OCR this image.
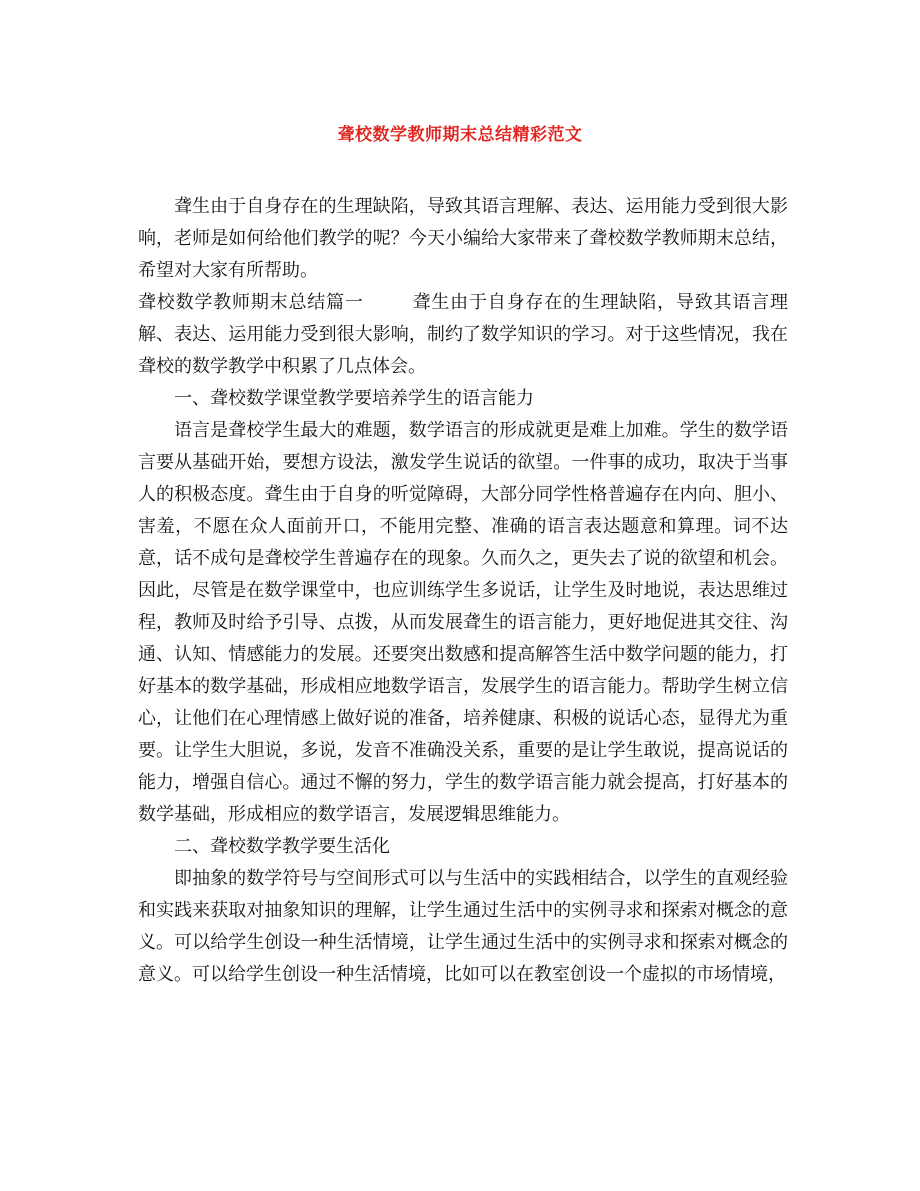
聋校数学教师期末总结精彩范文

聋生由于自身存在的生理缺陷，导致其语言理解、表达、运用能力受到很大影响，老师是如何给他们教学的呢？今天小编给大家带来了聋校数学教师期末总结，希望对大家有所帮助。

聋校数学教师期末总结篇一	聋生由于自身存在的生理缺陷，导致其语言理解、表达、运用能力受到很大影响，制约了数学知识的学习。对于这些情况，我在聋校的数学教学中积累了几点体会。

一、聋校数学课堂教学要培养学生的语言能力

语言是聋校学生最大的难题，数学语言的形成就更是难上加难。学生的数学语言要从基础开始，要想方设法，激发学生说话的欲望。一件事的成功，取决于当事人的积极态度。聋生由于自身的听觉障碍，大部分同学性格普遍存在内向、胆小、害羞，不愿在众人面前开口，不能用完整、准确的语言表达题意和算理。词不达意，话不成句是聋校学生普遍存在的现象。久而久之，更失去了说的欲望和机会。因此，尽管是在数学课堂中，也应训练学生多说话，让学生及时地说，表达思维过程，教师及时给予引导、点拨，从而发展聋生的语言能力，更好地促进其交往、沟通、认知、情感能力的发展。还要突出数感和提高解答生活中数学问题的能力，打好基本的数学基础，形成相应地数学语言，发展学生的语言能力。帮助学生树立信心，让他们在心理情感上做好说的准备，培养健康、积极的说话心态，显得尤为重要。让学生大胆说，多说，发音不准确没关系，重要的是让学生敢说，提高说话的能力，增强自信心。通过不懈的努力，学生的数学语言能力就会提高，打好基本的数学基础，形成相应的数学语言，发展逻辑思维能力。

二、聋校数学教学要生活化

即抽象的数学符号与空间形式可以与生活中的实践相结合，以学生的直观经验和实践来获取对抽象知识的理解，让学生通过生活中的实例寻求和探索对概念的意义。可以给学生创设一种生活情境，让学生通过生活中的实例寻求和探索对概念的意义。可以给学生创设一种生活情境，比如可以在教室创设一个虚拟的市场情境，
